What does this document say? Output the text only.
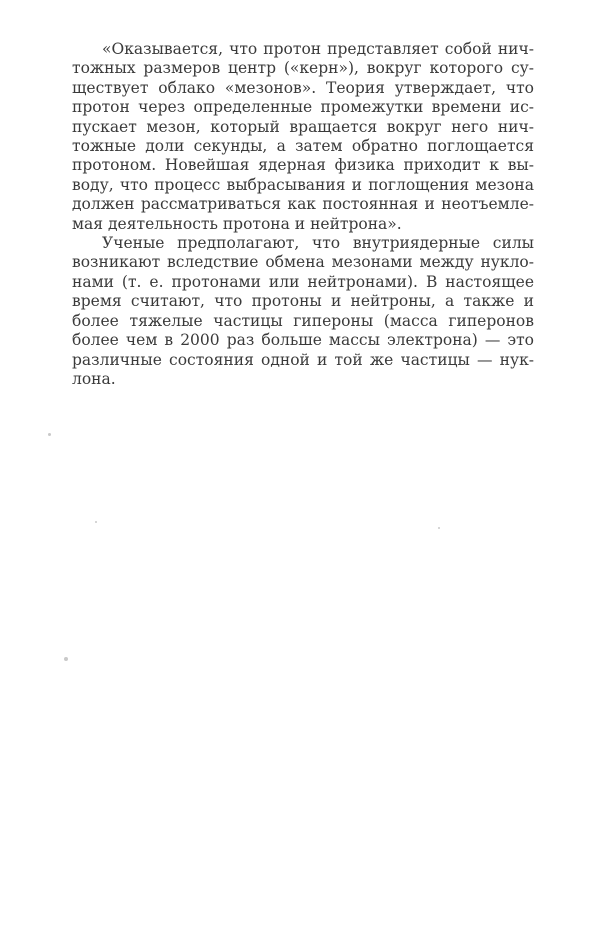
«Оказывается, что протон представляет собой нич-
тожных размеров центр («керн»), вокруг которого су-
ществует облако «мезонов». Теория утверждает, что
протон через определенные промежутки времени ис-
пускает мезон, который вращается вокруг него нич-
тожные доли секунды, а затем обратно поглощается
протоном. Новейшая ядерная физика приходит к вы-
воду, что процесс выбрасывания и поглощения мезона
должен рассматриваться как постоянная и неотъемле-
мая деятельность протона и нейтрона».

Ученые предполагают, что внутриядерные силы
возникают вследствие обмена мезонами между нукло-
нами (т. е. протонами или нейтронами). В настоящее
время считают, что протоны и нейтроны, а также и
более тяжелые частицы гипероны (масса гиперонов
более чем в 2000 раз больше массы электрона) — это
различные состояния одной и той же частицы — нук-
лона.
